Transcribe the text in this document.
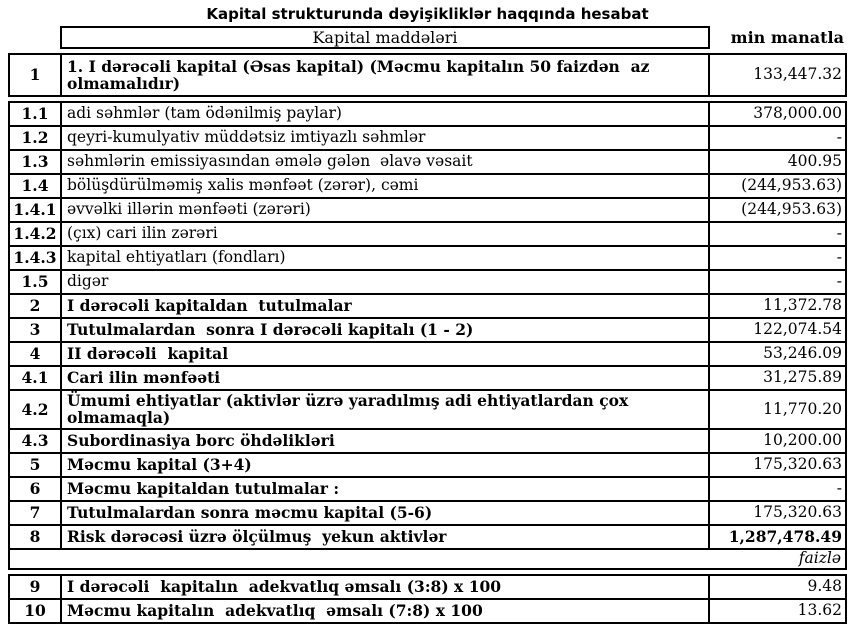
Kapital strukturunda dəyişikliklər haqqında hesabat
Kapital maddələri	min manatla
1	1. I dərəcəli kapital (Əsas kapital) (Məcmu kapitalın 50 faizdən  az olmamalıdır)	133,447.32
1.1	adi səhmlər (tam ödənilmiş paylar)	378,000.00
1.2	qeyri-kumulyativ müddətsiz imtiyazlı səhmlər	-
1.3	səhmlərin emissiyasından əmələ gələn  əlavə vəsait	400.95
1.4	bölüşdürülməmiş xalis mənfəət (zərər), cəmi	(244,953.63)
1.4.1 əvvəlki illərin mənfəəti (zərəri)	(244,953.63)
1.4.2 (çıx) cari ilin zərəri	-
1.4.3 kapital ehtiyatları (fondları)	-
1.5	digər	-
2	I dərəcəli kapitaldan  tutulmalar	11,372.78
3	Tutulmalardan  sonra I dərəcəli kapitalı (1 - 2)	122,074.54
4	II dərəcəli  kapital	53,246.09
4.1	Cari ilin mənfəəti	31,275.89
4.2	Ümumi ehtiyatlar (aktivlər üzrə yaradılmış adi ehtiyatlardan çox olmamaqla)	11,770.20
4.3	Subordinasiya borc öhdəlikləri	10,200.00
5	Məcmu kapital (3+4)	175,320.63
6	Məcmu kapitaldan tutulmalar :	-
7	Tutulmalardan sonra məcmu kapital (5-6)	175,320.63
8	Risk dərəcəsi üzrə ölçülmuş  yekun aktivlər	1,287,478.49
faizlə
9	I dərəcəli  kapitalın  adekvatlıq əmsalı (3:8) x 100	9.48
10	Məcmu kapitalın  adekvatlıq  əmsalı (7:8) x 100	13.62
